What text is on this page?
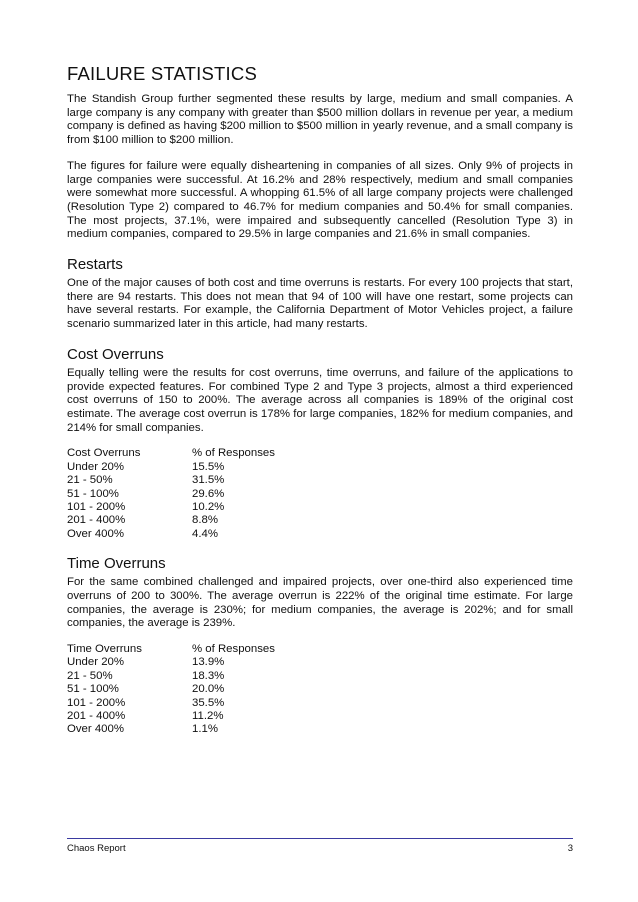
FAILURE STATISTICS

The Standish Group further segmented these results by large, medium and small companies. A large company is any company with greater than $500 million dollars in revenue per year, a medium company is defined as having $200 million to $500 million in yearly revenue, and a small company is from $100 million to $200 million.

The figures for failure were equally disheartening in companies of all sizes. Only 9% of projects in large companies were successful. At 16.2% and 28% respectively, medium and small companies were somewhat more successful. A whopping 61.5% of all large company projects were challenged (Resolution Type 2) compared to 46.7% for medium companies and 50.4% for small companies. The most projects, 37.1%, were impaired and subsequently cancelled (Resolution Type 3) in medium companies, compared to 29.5% in large companies and 21.6% in small companies.

Restarts

One of the major causes of both cost and time overruns is restarts. For every 100 projects that start, there are 94 restarts. This does not mean that 94 of 100 will have one restart, some projects can have several restarts. For example, the California Department of Motor Vehicles project, a failure scenario summarized later in this article, had many restarts.

Cost Overruns

Equally telling were the results for cost overruns, time overruns, and failure of the applications to provide expected features. For combined Type 2 and Type 3 projects, almost a third experienced cost overruns of 150 to 200%. The average across all companies is 189% of the original cost estimate. The average cost overrun is 178% for large companies, 182% for medium companies, and 214% for small companies.

Cost Overruns	% of Responses
Under 20%	15.5%
21 - 50%	31.5%
51 - 100%	29.6%
101 - 200%	10.2%
201 - 400%	8.8%
Over 400%	4.4%
Time Overruns

For the same combined challenged and impaired projects, over one-third also experienced time overruns of 200 to 300%. The average overrun is 222% of the original time estimate. For large companies, the average is 230%; for medium companies, the average is 202%; and for small companies, the average is 239%.

Time Overruns	% of Responses
Under 20%	13.9%
21 - 50%	18.3%
51 - 100%	20.0%
101 - 200%	35.5%
201 - 400%	11.2%
Over 400%	1.1%
Chaos Report	3
